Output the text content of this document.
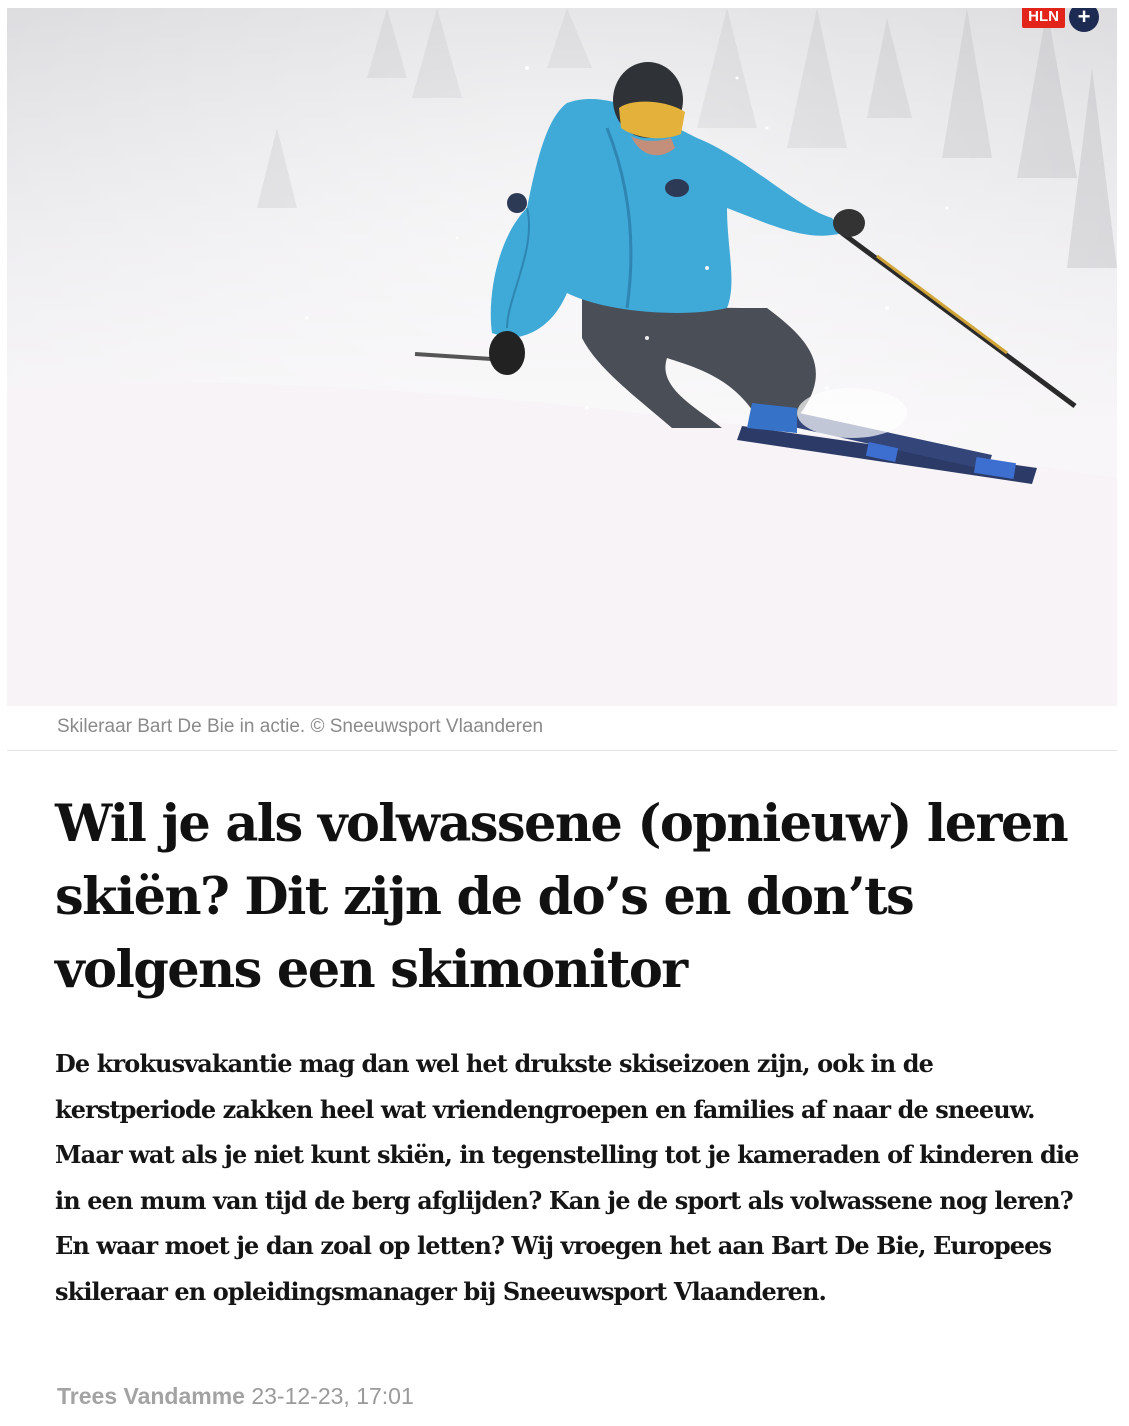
HLN +
Skileraar Bart De Bie in actie. © Sneeuwsport Vlaanderen
Wil je als volwassene (opnieuw) leren skiën? Dit zijn de do’s en don’ts volgens een skimonitor

De krokusvakantie mag dan wel het drukste skiseizoen zijn, ook in de kerstperiode zakken heel wat vriendengroepen en families af naar de sneeuw. Maar wat als je niet kunt skiën, in tegenstelling tot je kameraden of kinderen die in een mum van tijd de berg afglijden? Kan je de sport als volwassene nog leren? En waar moet je dan zoal op letten? Wij vroegen het aan Bart De Bie, Europees skileraar en opleidingsmanager bij Sneeuwsport Vlaanderen.

Trees Vandamme 23-12-23, 17:01
